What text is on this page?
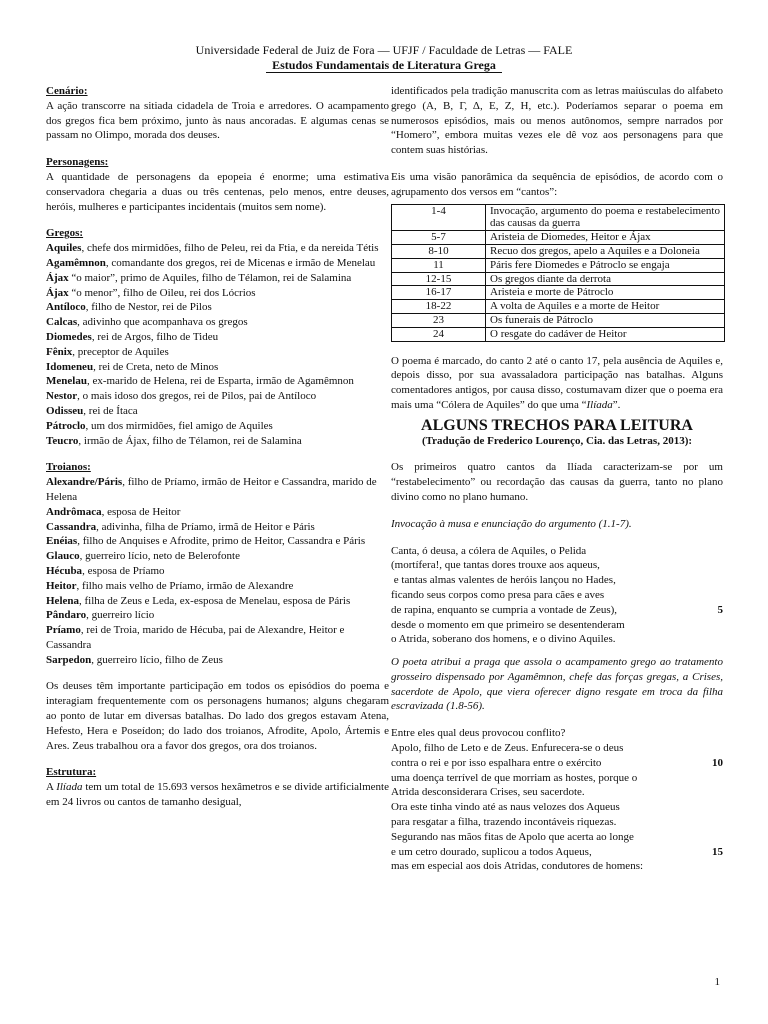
Universidade Federal de Juiz de Fora — UFJF / Faculdade de Letras — FALE
Estudos Fundamentais de Literatura Grega

Cenário:

A ação transcorre na sitiada cidadela de Troia e arredores. O acampamento dos gregos fica bem próximo, junto às naus ancoradas. E algumas cenas se passam no Olimpo, morada dos deuses.

Personagens:

A quantidade de personagens da epopeia é enorme; uma estimativa conservadora chegaria a duas ou três centenas, pelo menos, entre deuses, heróis, mulheres e participantes incidentais (muitos sem nome).

Gregos:

Aquiles, chefe dos mirmidões, filho de Peleu, rei da Ftia, e da nereida Tétis

Agamêmnon, comandante dos gregos, rei de Micenas e irmão de Menelau

Ájax “o maior”, primo de Aquiles, filho de Télamon, rei de Salamina

Ájax “o menor”, filho de Oileu, rei dos Lócrios

Antíloco, filho de Nestor, rei de Pilos

Calcas, adivinho que acompanhava os gregos

Diomedes, rei de Argos, filho de Tideu

Fênix, preceptor de Aquiles

Idomeneu, rei de Creta, neto de Minos

Menelau, ex-marido de Helena, rei de Esparta, irmão de Agamêmnon

Nestor, o mais idoso dos gregos, rei de Pilos, pai de Antíloco

Odisseu, rei de Ítaca

Pátroclo, um dos mirmidões, fiel amigo de Aquiles

Teucro, irmão de Ájax, filho de Télamon, rei de Salamina

Troianos:

Alexandre/Páris, filho de Príamo, irmão de Heitor e Cassandra, marido de Helena

Andrômaca, esposa de Heitor

Cassandra, adivinha, filha de Príamo, irmã de Heitor e Páris

Enéias, filho de Anquises e Afrodite, primo de Heitor, Cassandra e Páris

Glauco, guerreiro lício, neto de Belerofonte

Hécuba, esposa de Príamo

Heitor, filho mais velho de Príamo, irmão de Alexandre

Helena, filha de Zeus e Leda, ex-esposa de Menelau, esposa de Páris

Pândaro, guerreiro lício

Príamo, rei de Troia, marido de Hécuba, pai de Alexandre, Heitor e Cassandra

Sarpedon, guerreiro lício, filho de Zeus

Os deuses têm importante participação em todos os episódios do poema e interagiam frequentemente com os personagens humanos; alguns chegaram ao ponto de lutar em diversas batalhas. Do lado dos gregos estavam Atena, Hefesto, Hera e Poseídon; do lado dos troianos, Afrodite, Apolo, Ártemis e Ares. Zeus trabalhou ora a favor dos gregos, ora dos troianos.

Estrutura:

A Ilíada tem um total de 15.693 versos hexâmetros e se divide artificialmente em 24 livros ou cantos de tamanho desigual,

identificados pela tradição manuscrita com as letras maiúsculas do alfabeto grego (Α, Β, Γ, Δ, Ε, Ζ, Η, etc.). Poderíamos separar o poema em numerosos episódios, mais ou menos autônomos, sempre narrados por “Homero”, embora muitas vezes ele dê voz aos personagens para que contem suas histórias.

Eis uma visão panorâmica da sequência de episódios, de acordo com o agrupamento dos versos em “cantos”:

1-4	Invocação, argumento do poema e restabelecimento das causas da guerra
5-7	Aristeia de Diomedes, Heitor e Ájax
8-10	Recuo dos gregos, apelo a Aquiles e a Doloneia
11	Páris fere Diomedes e Pátroclo se engaja
12-15	Os gregos diante da derrota
16-17	Aristeia e morte de Pátroclo
18-22	A volta de Aquiles e a morte de Heitor
23	Os funerais de Pátroclo
24	O resgate do cadáver de Heitor

O poema é marcado, do canto 2 até o canto 17, pela ausência de Aquiles e, depois disso, por sua avassaladora participação nas batalhas. Alguns comentadores antigos, por causa disso, costumavam dizer que o poema era mais uma “Cólera de Aquiles” do que uma “Ilíada”.

ALGUNS TRECHOS PARA LEITURA
(Tradução de Frederico Lourenço, Cia. das Letras, 2013):

Os primeiros quatro cantos da Ilíada caracterizam-se por um “restabelecimento” ou recordação das causas da guerra, tanto no plano divino como no plano humano.

Invocação à musa e enunciação do argumento (1.1-7).

Canta, ó deusa, a cólera de Aquiles, o Pelida
(mortífera!, que tantas dores trouxe aos aqueus,
e tantas almas valentes de heróis lançou no Hades,
ficando seus corpos como presa para cães e aves
de rapina, enquanto se cumpria a vontade de Zeus),	5
desde o momento em que primeiro se desentenderam
o Atrida, soberano dos homens, e o divino Aquiles.

O poeta atribui a praga que assola o acampamento grego ao tratamento grosseiro dispensado por Agamêmnon, chefe das forças gregas, a Crises, sacerdote de Apolo, que viera oferecer digno resgate em troca da filha escravizada (1.8-56).

Entre eles qual deus provocou conflito?
Apolo, filho de Leto e de Zeus. Enfurecera-se o deus
contra o rei e por isso espalhara entre o exército	10
uma doença terrível de que morriam as hostes, porque o
Atrida desconsiderara Crises, seu sacerdote.
Ora este tinha vindo até as naus velozes dos Aqueus
para resgatar a filha, trazendo incontáveis riquezas.
Segurando nas mãos fitas de Apolo que acerta ao longe
e um cetro dourado, suplicou a todos Aqueus,	15
mas em especial aos dois Atridas, condutores de homens:
1
